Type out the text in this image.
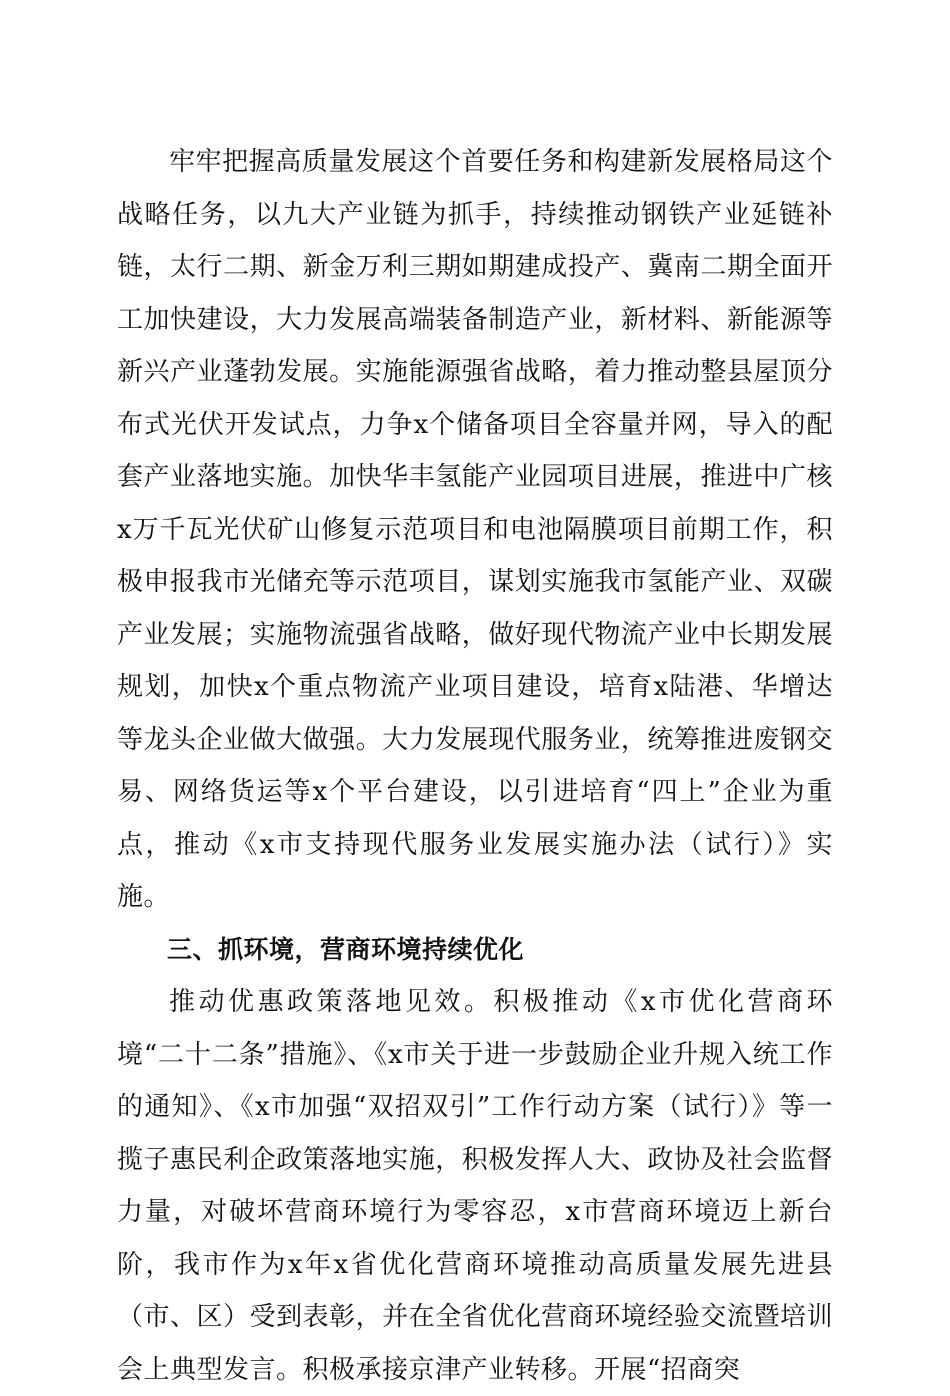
牢牢把握高质量发展这个首要任务和构建新发展格局这个战略任务，以九大产业链为抓手，持续推动钢铁产业延链补链，太行二期、新金万利三期如期建成投产、冀南二期全面开工加快建设，大力发展高端装备制造产业，新材料、新能源等新兴产业蓬勃发展。实施能源强省战略，着力推动整县屋顶分布式光伏开发试点，力争x个储备项目全容量并网，导入的配套产业落地实施。加快华丰氢能产业园项目进展，推进中广核x万千瓦光伏矿山修复示范项目和电池隔膜项目前期工作，积极申报我市光储充等示范项目，谋划实施我市氢能产业、双碳产业发展；实施物流强省战略，做好现代物流产业中长期发展规划，加快x个重点物流产业项目建设，培育x陆港、华增达等龙头企业做大做强。大力发展现代服务业，统筹推进废钢交易、网络货运等x个平台建设，以引进培育“四上”企业为重点，推动《x市支持现代服务业发展实施办法（试行）》实施。

三、抓环境，营商环境持续优化

推动优惠政策落地见效。积极推动《x市优化营商环境“二十二条”措施》、《x市关于进一步鼓励企业升规入统工作的通知》、《x市加强“双招双引”工作行动方案（试行）》等一揽子惠民利企政策落地实施，积极发挥人大、政协及社会监督力量，对破坏营商环境行为零容忍，x市营商环境迈上新台阶，我市作为x年x省优化营商环境推动高质量发展先进县（市、区）受到表彰，并在全省优化营商环境经验交流暨培训会上典型发言。积极承接京津产业转移。开展“招商突
